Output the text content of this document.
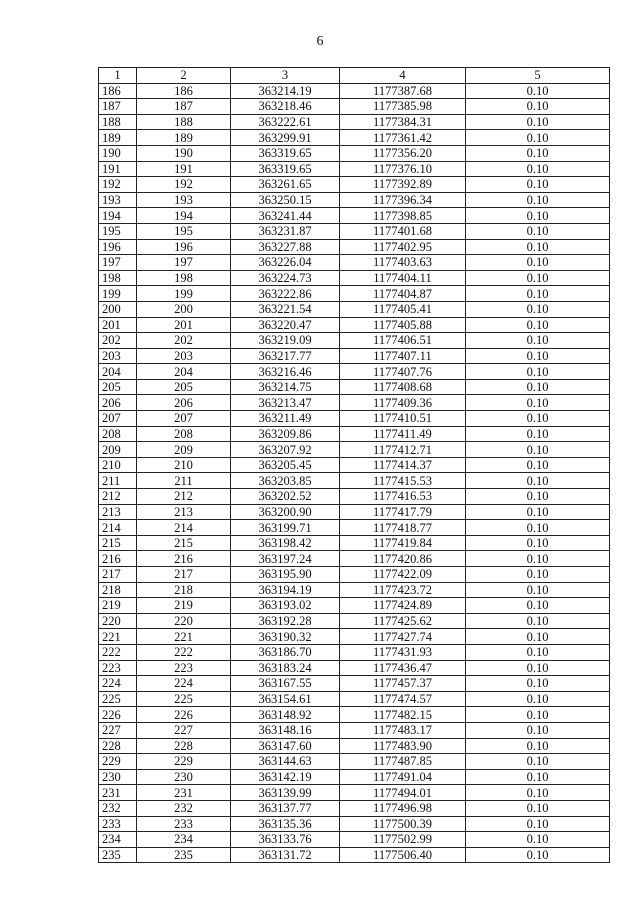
6
1	2	3	4	5
186	186	363214.19	1177387.68	0.10
187	187	363218.46	1177385.98	0.10
188	188	363222.61	1177384.31	0.10
189	189	363299.91	1177361.42	0.10
190	190	363319.65	1177356.20	0.10
191	191	363319.65	1177376.10	0.10
192	192	363261.65	1177392.89	0.10
193	193	363250.15	1177396.34	0.10
194	194	363241.44	1177398.85	0.10
195	195	363231.87	1177401.68	0.10
196	196	363227.88	1177402.95	0.10
197	197	363226.04	1177403.63	0.10
198	198	363224.73	1177404.11	0.10
199	199	363222.86	1177404.87	0.10
200	200	363221.54	1177405.41	0.10
201	201	363220.47	1177405.88	0.10
202	202	363219.09	1177406.51	0.10
203	203	363217.77	1177407.11	0.10
204	204	363216.46	1177407.76	0.10
205	205	363214.75	1177408.68	0.10
206	206	363213.47	1177409.36	0.10
207	207	363211.49	1177410.51	0.10
208	208	363209.86	1177411.49	0.10
209	209	363207.92	1177412.71	0.10
210	210	363205.45	1177414.37	0.10
211	211	363203.85	1177415.53	0.10
212	212	363202.52	1177416.53	0.10
213	213	363200.90	1177417.79	0.10
214	214	363199.71	1177418.77	0.10
215	215	363198.42	1177419.84	0.10
216	216	363197.24	1177420.86	0.10
217	217	363195.90	1177422.09	0.10
218	218	363194.19	1177423.72	0.10
219	219	363193.02	1177424.89	0.10
220	220	363192.28	1177425.62	0.10
221	221	363190.32	1177427.74	0.10
222	222	363186.70	1177431.93	0.10
223	223	363183.24	1177436.47	0.10
224	224	363167.55	1177457.37	0.10
225	225	363154.61	1177474.57	0.10
226	226	363148.92	1177482.15	0.10
227	227	363148.16	1177483.17	0.10
228	228	363147.60	1177483.90	0.10
229	229	363144.63	1177487.85	0.10
230	230	363142.19	1177491.04	0.10
231	231	363139.99	1177494.01	0.10
232	232	363137.77	1177496.98	0.10
233	233	363135.36	1177500.39	0.10
234	234	363133.76	1177502.99	0.10
235	235	363131.72	1177506.40	0.10
